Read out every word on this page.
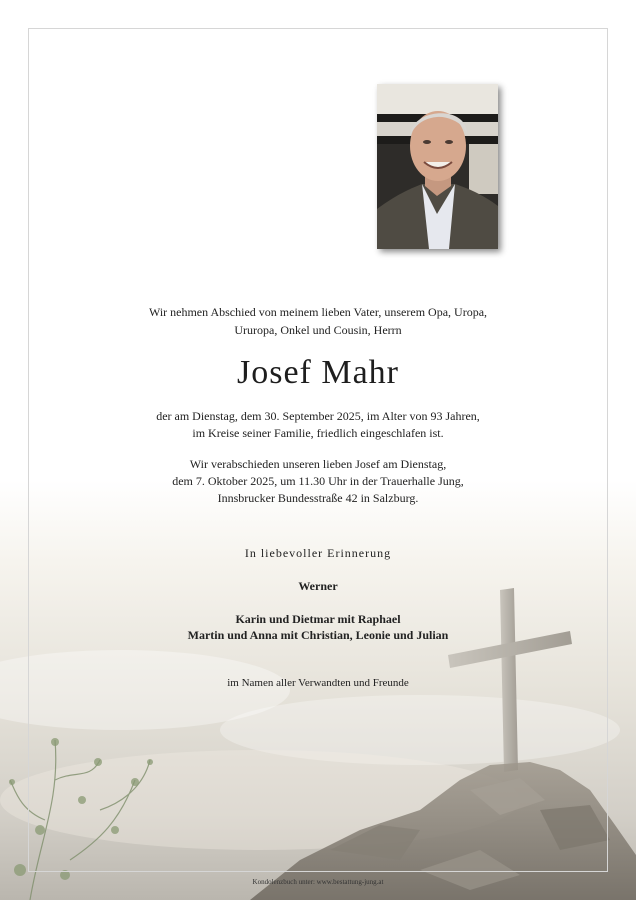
Wir nehmen Abschied von meinem lieben Vater, unserem Opa, Uropa,
Ururopa, Onkel und Cousin, Herrn
Josef Mahr
der am Dienstag, dem 30. September 2025, im Alter von 93 Jahren,
im Kreise seiner Familie, friedlich eingeschlafen ist.
Wir verabschieden unseren lieben Josef am Dienstag,
dem 7. Oktober 2025, um 11.30 Uhr in der Trauerhalle Jung,
Innsbrucker Bundesstraße 42 in Salzburg.
In liebevoller Erinnerung
Werner
Karin und Dietmar mit Raphael
Martin und Anna mit Christian, Leonie und Julian
im Namen aller Verwandten und Freunde
Kondolenzbuch unter: www.bestattung-jung.at
